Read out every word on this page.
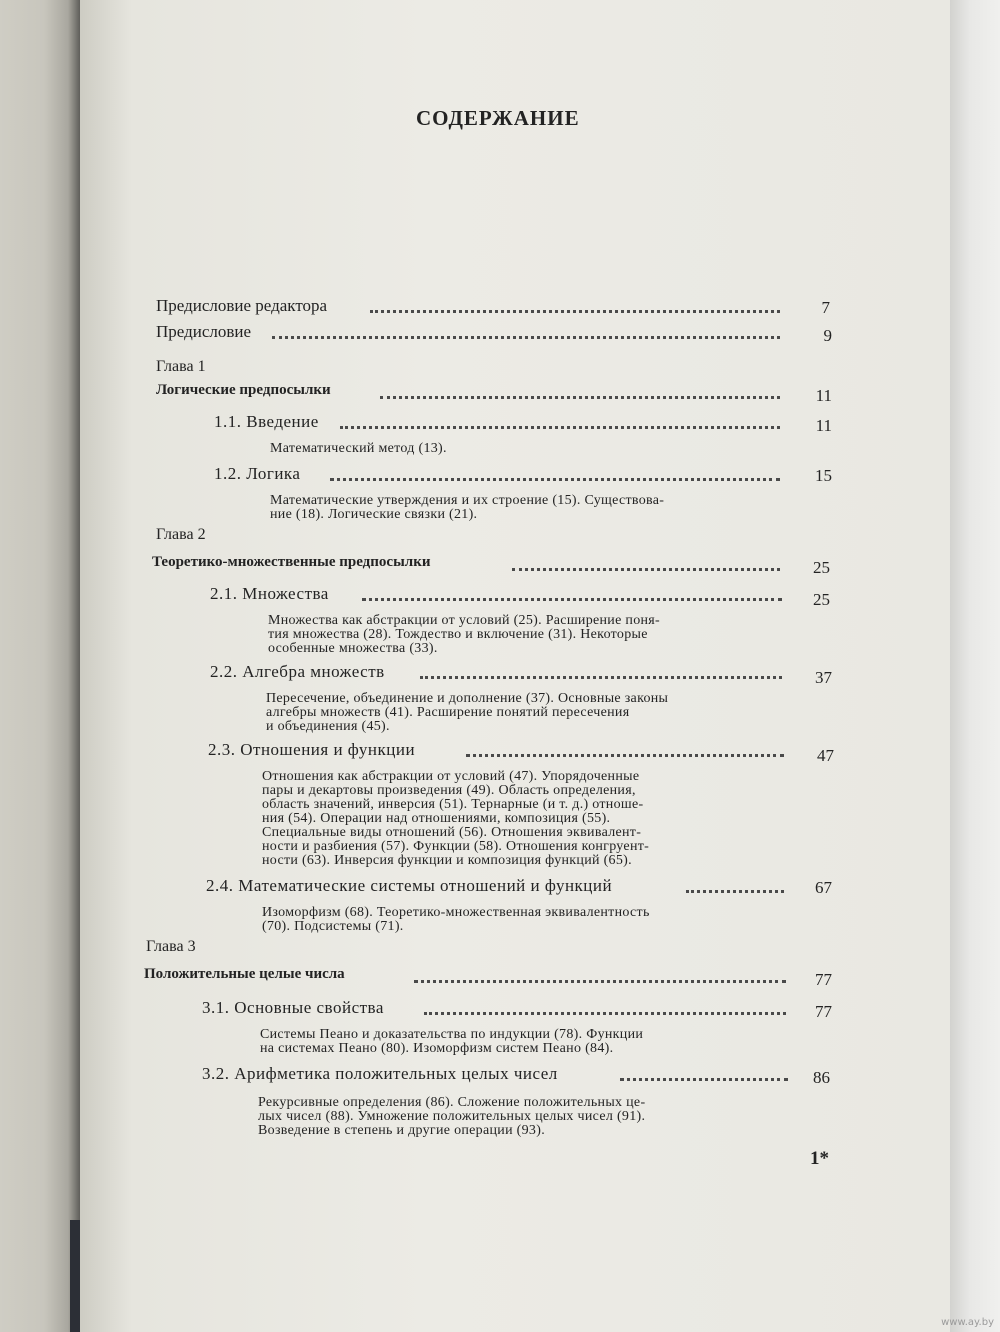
СОДЕРЖАНИЕ
Предисловие редактора	7
Предисловие	9
Глава 1
Логические предпосылки	11
1.1. Введение	11
Математический метод (13).
1.2. Логика	15
Математические утверждения и их строение (15). Существова-
ние (18). Логические связки (21).
Глава 2
Теоретико-множественные предпосылки	25
2.1. Множества	25
Множества как абстракции от условий (25). Расширение поня-
тия множества (28). Тождество и включение (31). Некоторые
особенные множества (33).
2.2. Алгебра множеств	37
Пересечение, объединение и дополнение (37). Основные законы
алгебры множеств (41). Расширение понятий пересечения
и объединения (45).
2.3. Отношения и функции	47
Отношения как абстракции от условий (47). Упорядоченные
пары и декартовы произведения (49). Область определения,
область значений, инверсия (51). Тернарные (и т. д.) отноше-
ния (54). Операции над отношениями, композиция (55).
Специальные виды отношений (56). Отношения эквивалент-
ности и разбиения (57). Функции (58). Отношения конгруент-
ности (63). Инверсия функции и композиция функций (65).
2.4. Математические системы отношений и функций	67
Изоморфизм (68). Теоретико-множественная эквивалентность
(70). Подсистемы (71).
Глава 3
Положительные целые числа	77
3.1. Основные свойства	77
Системы Пеано и доказательства по индукции (78). Функции
на системах Пеано (80). Изоморфизм систем Пеано (84).
3.2. Арифметика положительных целых чисел	86
Рекурсивные определения (86). Сложение положительных це-
лых чисел (88). Умножение положительных целых чисел (91).
Возведение в степень и другие операции (93).
1*
www.ay.by
